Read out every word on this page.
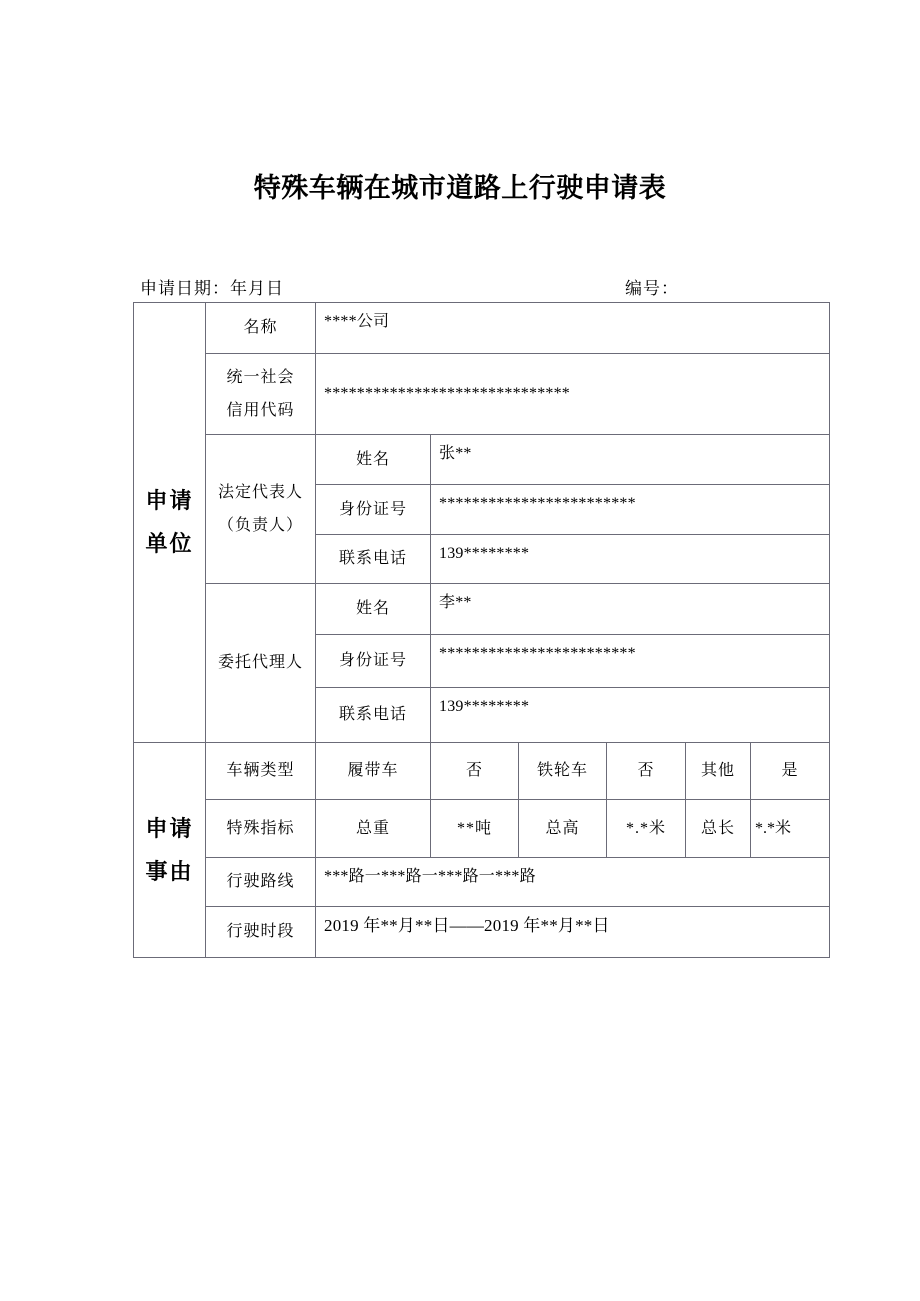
特殊车辆在城市道路上行驶申请表
申请日期：年月日	编号：
申请
单位	名称	****公司					

	统一社会
信用代码	******************************					

	法定代表人
（负责人）	姓名	张**				
		身份证号	************************				
		联系电话	139********				
	委托代理人	姓名	李**				
		身份证号	************************				
		联系电话	139********				

申请
事由	车辆类型	履带车	否	铁轮车	否	其他	是
	特殊指标	总重	**吨	总高	*.*米	总长	*.*米
	行驶路线	***路一***路一***路一***路					
	行驶时段	2019 年**月**日——2019 年**月**日					
